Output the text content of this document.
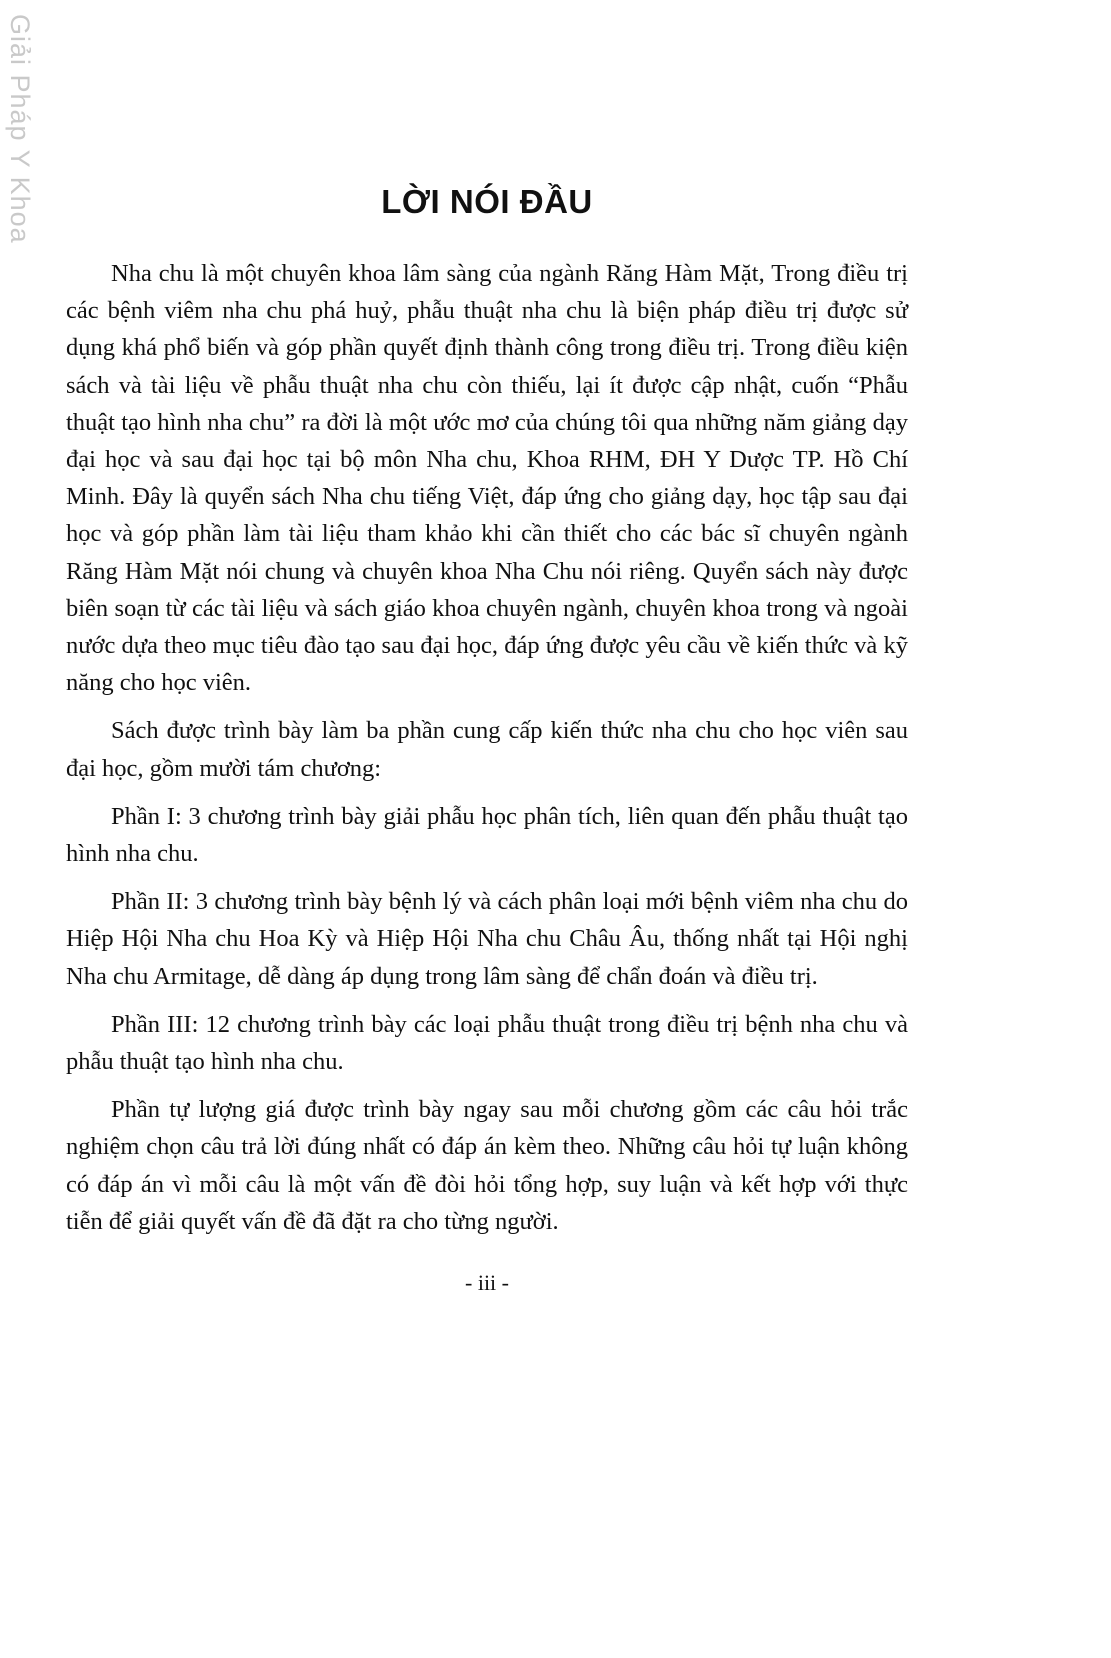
Giải Pháp Y Khoa	LỜI NÓI ĐẦU

Nha chu là một chuyên khoa lâm sàng của ngành Răng Hàm Mặt, Trong điều trị các bệnh viêm nha chu phá huỷ, phẫu thuật nha chu là biện pháp điều trị được sử dụng khá phổ biến và góp phần quyết định thành công trong điều trị. Trong điều kiện sách và tài liệu về phẫu thuật nha chu còn thiếu, lại ít được cập nhật, cuốn “Phẫu thuật tạo hình nha chu” ra đời là một ước mơ của chúng tôi qua những năm giảng dạy đại học và sau đại học tại bộ môn Nha chu, Khoa RHM, ĐH Y Dược TP. Hồ Chí Minh. Đây là quyển sách Nha chu tiếng Việt, đáp ứng cho giảng dạy, học tập sau đại học và góp phần làm tài liệu tham khảo khi cần thiết cho các bác sĩ chuyên ngành Răng Hàm Mặt nói chung và chuyên khoa Nha Chu nói riêng. Quyển sách này được biên soạn từ các tài liệu và sách giáo khoa chuyên ngành, chuyên khoa trong và ngoài nước dựa theo mục tiêu đào tạo sau đại học, đáp ứng được yêu cầu về kiến thức và kỹ năng cho học viên.

Sách được trình bày làm ba phần cung cấp kiến thức nha chu cho học viên sau đại học, gồm mười tám chương:

Phần I: 3 chương trình bày giải phẫu học phân tích, liên quan đến phẫu thuật tạo hình nha chu.

Phần II: 3 chương trình bày bệnh lý và cách phân loại mới bệnh viêm nha chu do Hiệp Hội Nha chu Hoa Kỳ và Hiệp Hội Nha chu Châu Âu, thống nhất tại Hội nghị Nha chu Armitage, dễ dàng áp dụng trong lâm sàng để chẩn đoán và điều trị.

Phần III: 12 chương trình bày các loại phẫu thuật trong điều trị bệnh nha chu và phẫu thuật tạo hình nha chu.

Phần tự lượng giá được trình bày ngay sau mỗi chương gồm các câu hỏi trắc nghiệm chọn câu trả lời đúng nhất có đáp án kèm theo. Những câu hỏi tự luận không có đáp án vì mỗi câu là một vấn đề đòi hỏi tổng hợp, suy luận và kết hợp với thực tiễn để giải quyết vấn đề đã đặt ra cho từng người.

- iii -
